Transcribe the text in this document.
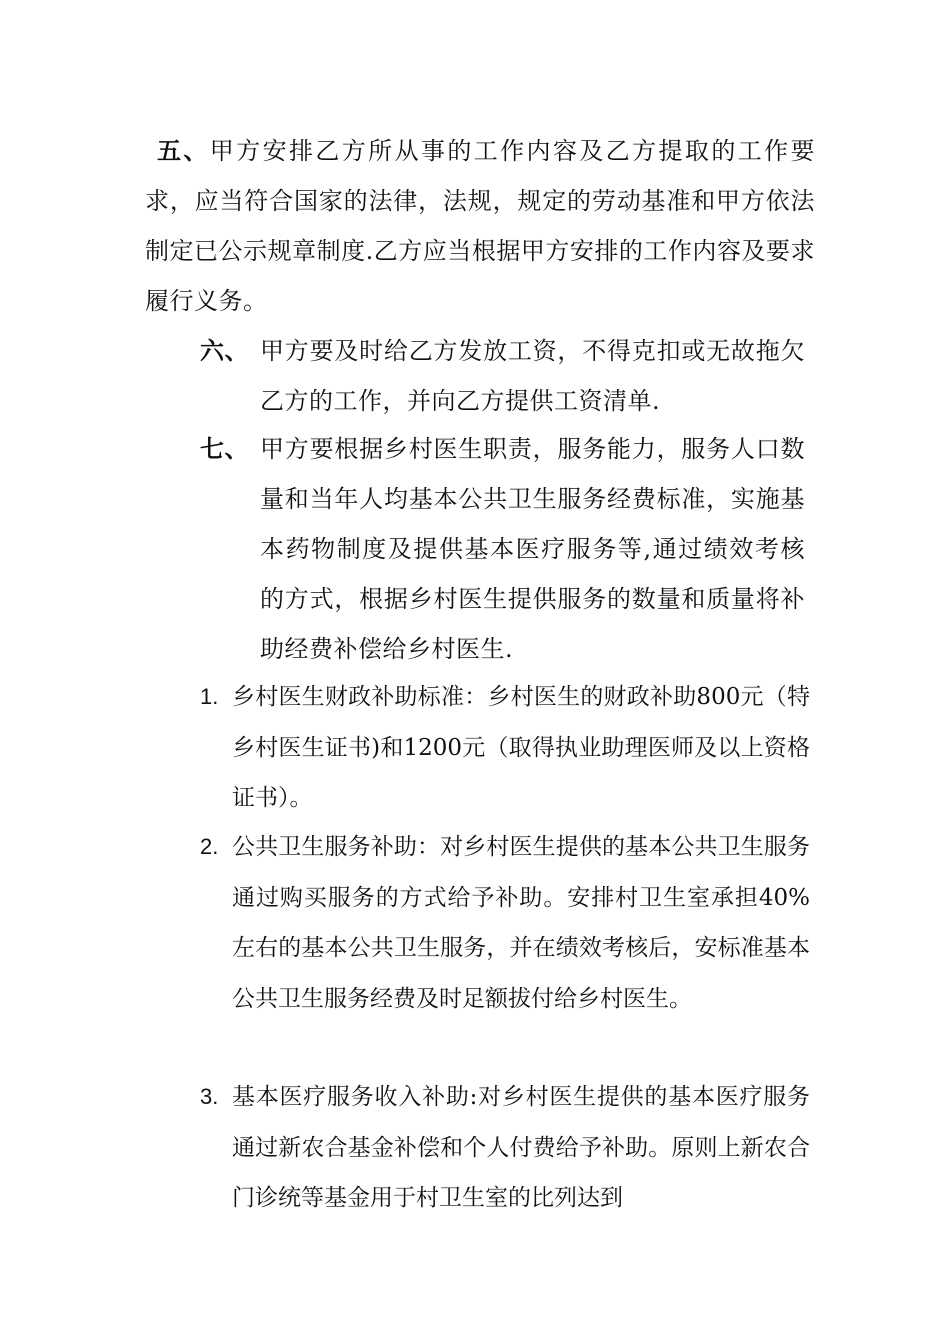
五、甲方安排乙方所从事的工作内容及乙方提取的工作要求，应当符合国家的法律，法规，规定的劳动基准和甲方依法制定已公示规章制度.乙方应当根据甲方安排的工作内容及要求履行义务。
六、 甲方要及时给乙方发放工资，不得克扣或无故拖欠乙方的工作，并向乙方提供工资清单.
七、 甲方要根据乡村医生职责，服务能力，服务人口数量和当年人均基本公共卫生服务经费标准，实施基本药物制度及提供基本医疗服务等,通过绩效考核的方式，根据乡村医生提供服务的数量和质量将补助经费补偿给乡村医生.
1. 乡村医生财政补助标准：乡村医生的财政补助800元（特乡村医生证书)和1200元（取得执业助理医师及以上资格证书）。
2. 公共卫生服务补助：对乡村医生提供的基本公共卫生服务通过购买服务的方式给予补助。安排村卫生室承担40%左右的基本公共卫生服务，并在绩效考核后，安标准基本公共卫生服务经费及时足额拔付给乡村医生。
3. 基本医疗服务收入补助:对乡村医生提供的基本医疗服务通过新农合基金补偿和个人付费给予补助。原则上新农合门诊统等基金用于村卫生室的比列达到
